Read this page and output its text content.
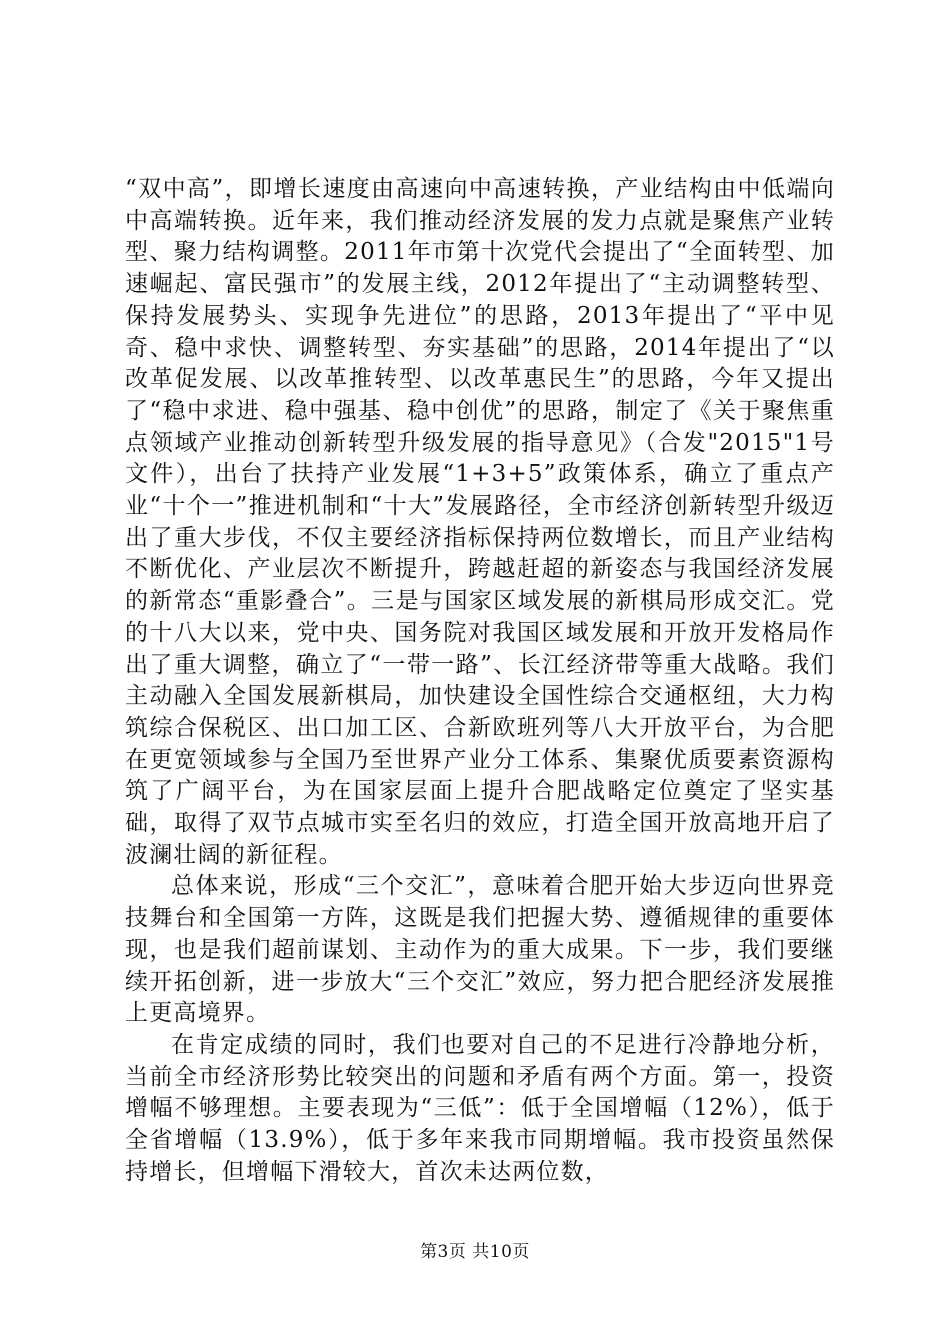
“双中高”，即增长速度由高速向中高速转换，产业结构由中低端向中高端转换。近年来，我们推动经济发展的发力点就是聚焦产业转型、聚力结构调整。2011年市第十次党代会提出了“全面转型、加速崛起、富民强市”的发展主线，2012年提出了“主动调整转型、保持发展势头、实现争先进位”的思路，2013年提出了“平中见奇、稳中求快、调整转型、夯实基础”的思路，2014年提出了“以改革促发展、以改革推转型、以改革惠民生”的思路，今年又提出了“稳中求进、稳中强基、稳中创优”的思路，制定了《关于聚焦重点领域产业推动创新转型升级发展的指导意见》（合发"2015"1号文件），出台了扶持产业发展“1+3+5”政策体系，确立了重点产业“十个一”推进机制和“十大”发展路径，全市经济创新转型升级迈出了重大步伐，不仅主要经济指标保持两位数增长，而且产业结构不断优化、产业层次不断提升，跨越赶超的新姿态与我国经济发展的新常态“重影叠合”。三是与国家区域发展的新棋局形成交汇。党的十八大以来，党中央、国务院对我国区域发展和开放开发格局作出了重大调整，确立了“一带一路”、长江经济带等重大战略。我们主动融入全国发展新棋局，加快建设全国性综合交通枢纽，大力构筑综合保税区、出口加工区、合新欧班列等八大开放平台，为合肥在更宽领域参与全国乃至世界产业分工体系、集聚优质要素资源构筑了广阔平台，为在国家层面上提升合肥战略定位奠定了坚实基础，取得了双节点城市实至名归的效应，打造全国开放高地开启了波澜壮阔的新征程。

总体来说，形成“三个交汇”，意味着合肥开始大步迈向世界竞技舞台和全国第一方阵，这既是我们把握大势、遵循规律的重要体现，也是我们超前谋划、主动作为的重大成果。下一步，我们要继续开拓创新，进一步放大“三个交汇”效应，努力把合肥经济发展推上更高境界。

在肯定成绩的同时，我们也要对自己的不足进行冷静地分析，当前全市经济形势比较突出的问题和矛盾有两个方面。第一，投资增幅不够理想。主要表现为“三低”：低于全国增幅（12%），低于全省增幅（13.9%），低于多年来我市同期增幅。我市投资虽然保持增长，但增幅下滑较大，首次未达两位数，

第3页 共10页
